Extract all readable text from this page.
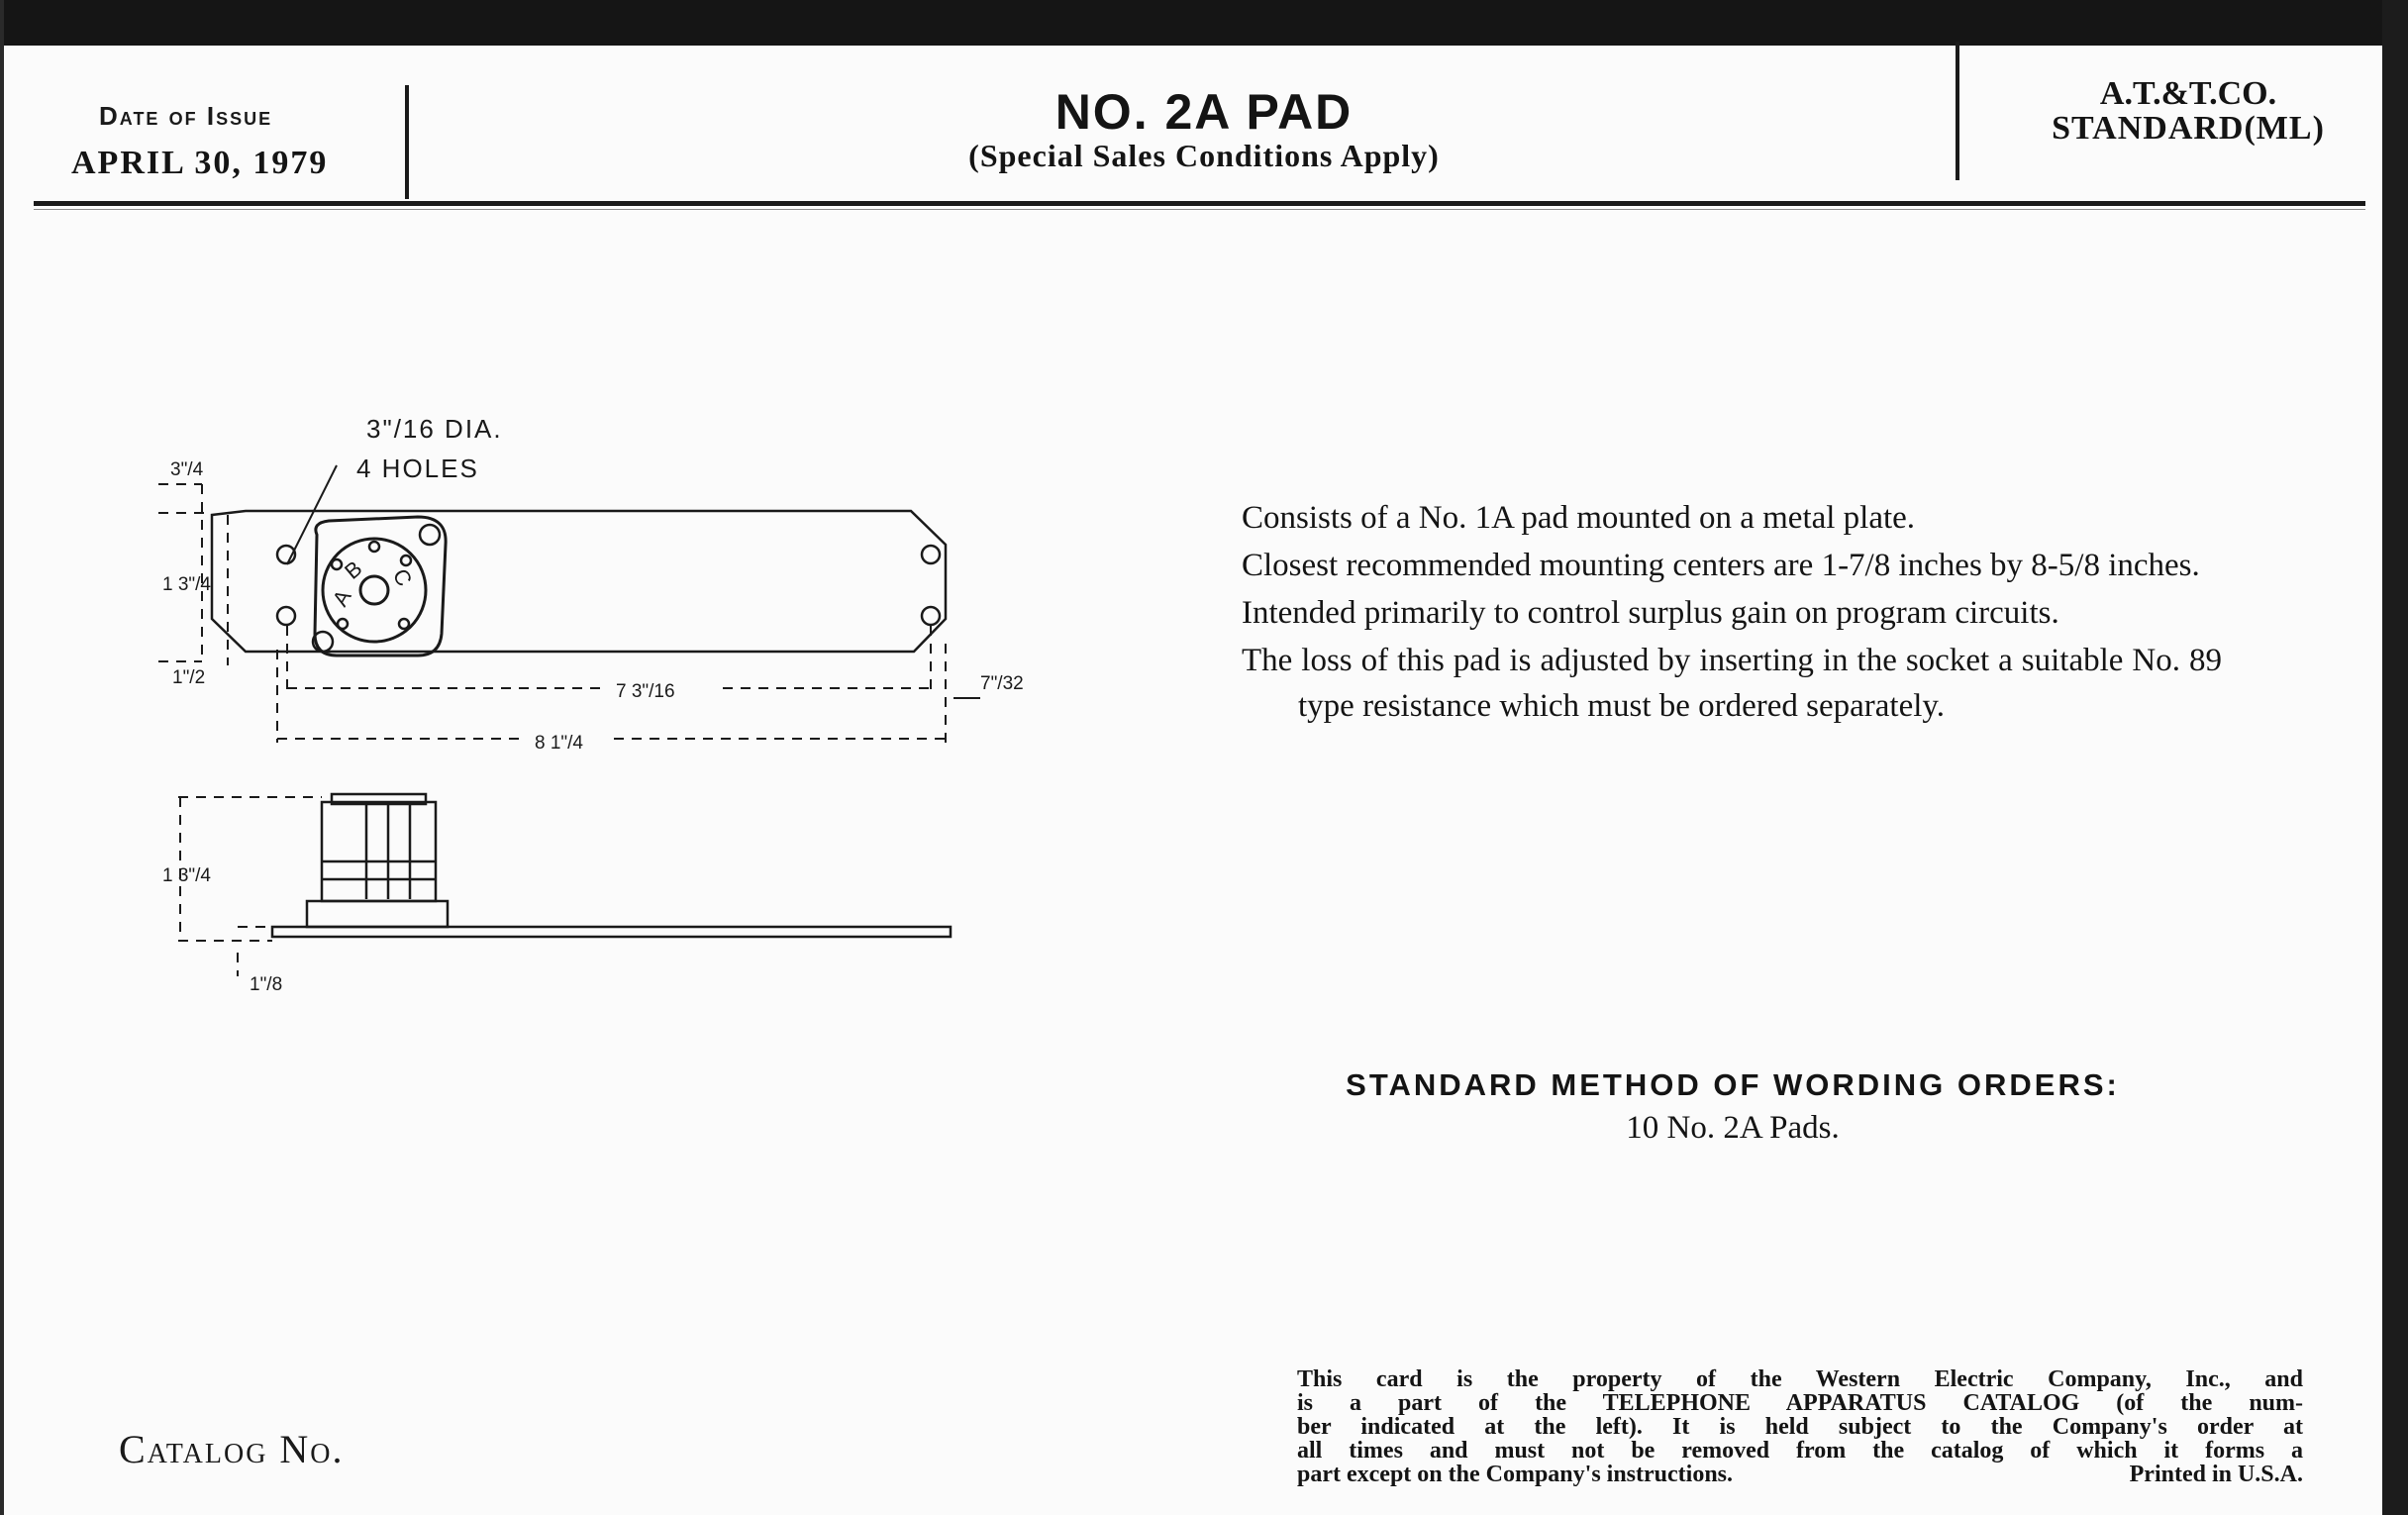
Date of Issue
APRIL 30, 1979
NO. 2A PAD
(Special Sales Conditions Apply)
A.T.&T.CO.
STANDARD(ML)
A
B C
3"/16 DIA.
4 HOLES
3"/4
1 3"/4
1"/2
7 3"/16
8 1"/4
7"/32
1 3"/4
1"/8

Consists of a No. 1A pad mounted on a metal plate.

Closest recommended mounting centers are 1-7/8 inches by 8-5/8 inches.

Intended primarily to control surplus gain on program circuits.

The loss of this pad is adjusted by inserting in the socket a suitable No. 89 type resistance which must be ordered separately.

STANDARD METHOD OF WORDING ORDERS:
10 No. 2A Pads.
Catalog No.
This card is the property of the Western Electric Company, Inc., and
is a part of the TELEPHONE APPARATUS CATALOG (of the num-
ber indicated at the left). It is held subject to the Company's order at
all times and must not be removed from the catalog of which it forms a
part except on the Company's instructions.	Printed in U.S.A.
